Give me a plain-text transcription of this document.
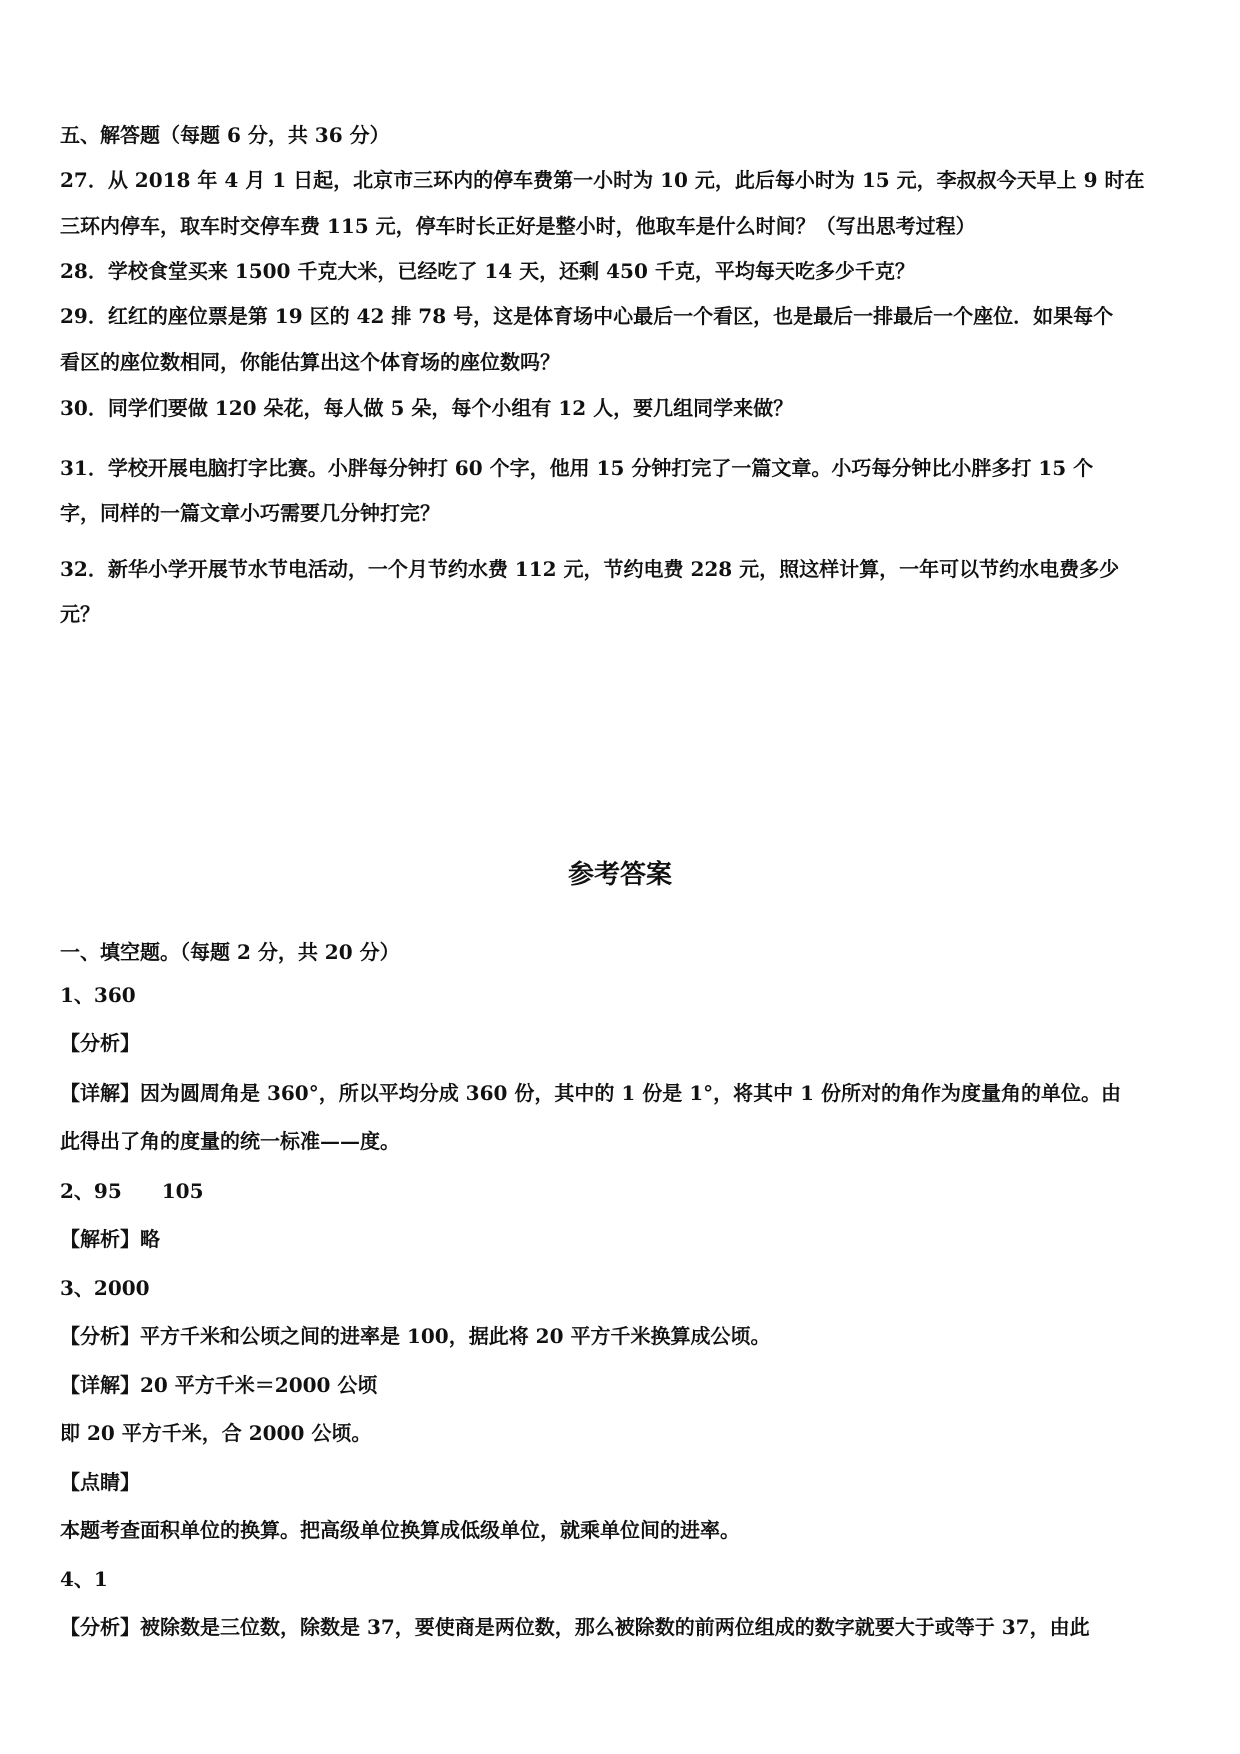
五、解答题（每题 6 分，共 36 分）
27．从 2018 年 4 月 1 日起，北京市三环内的停车费第一小时为 10 元，此后每小时为 15 元，李叔叔今天早上 9 时在
三环内停车，取车时交停车费 115 元，停车时长正好是整小时，他取车是什么时间？（写出思考过程）
28．学校食堂买来 1500 千克大米，已经吃了 14 天，还剩 450 千克，平均每天吃多少千克？
29．红红的座位票是第 19 区的 42 排 78 号，这是体育场中心最后一个看区，也是最后一排最后一个座位．如果每个
看区的座位数相同，你能估算出这个体育场的座位数吗？
30．同学们要做 120 朵花，每人做 5 朵，每个小组有 12 人，要几组同学来做？
31．学校开展电脑打字比赛。小胖每分钟打 60 个字，他用 15 分钟打完了一篇文章。小巧每分钟比小胖多打 15 个
字，同样的一篇文章小巧需要几分钟打完？
32．新华小学开展节水节电活动，一个月节约水费 112 元，节约电费 228 元，照这样计算，一年可以节约水电费多少
元？
参考答案
一、填空题。（每题 2 分，共 20 分）
1、360
【分析】
【详解】因为圆周角是 360°，所以平均分成 360 份，其中的 1 份是 1°，将其中 1 份所对的角作为度量角的单位。由
此得出了角的度量的统一标准——度。
2、95　　105
【解析】略
3、2000
【分析】平方千米和公顷之间的进率是 100，据此将 20 平方千米换算成公顷。
【详解】20 平方千米＝2000 公顷
即 20 平方千米，合 2000 公顷。
【点睛】
本题考查面积单位的换算。把高级单位换算成低级单位，就乘单位间的进率。
4、1
【分析】被除数是三位数，除数是 37，要使商是两位数，那么被除数的前两位组成的数字就要大于或等于 37，由此
